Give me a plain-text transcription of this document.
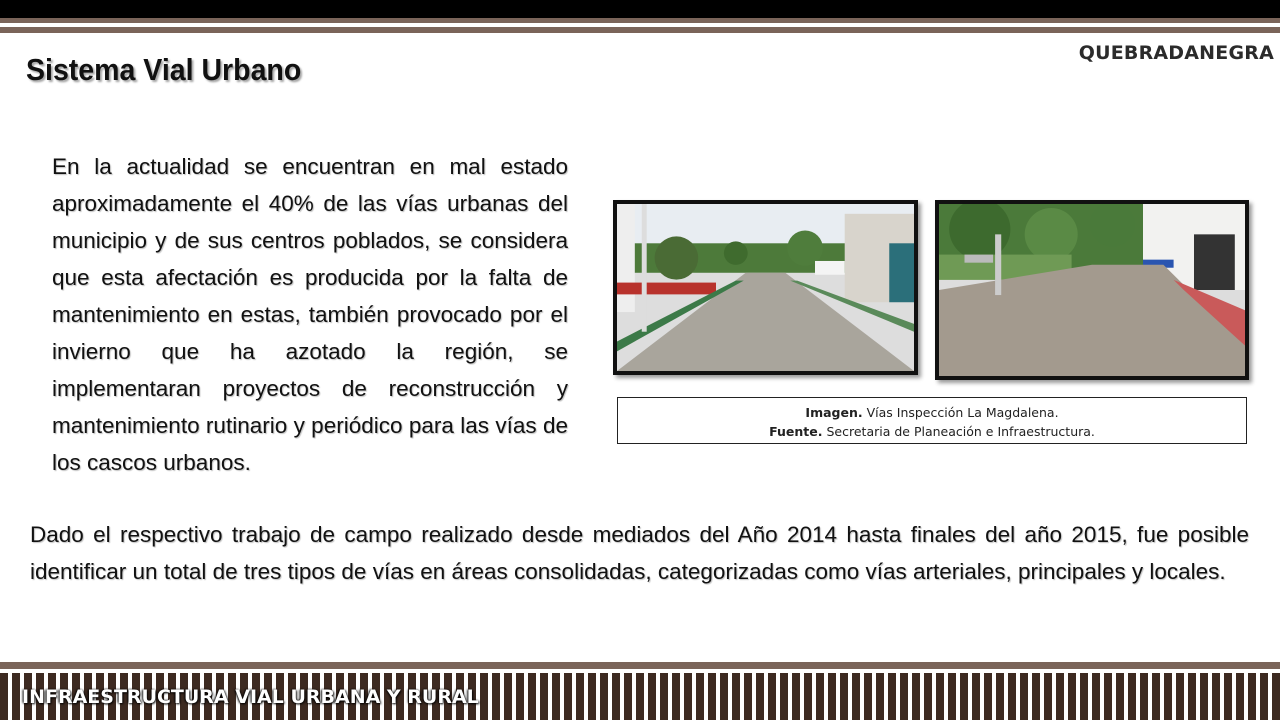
QUEBRADANEGRA
Sistema Vial Urbano

En la actualidad se encuentran en mal estado aproximadamente el 40% de las vías urbanas del municipio y de sus centros poblados, se considera que esta afectación es producida por la falta de mantenimiento en estas, también provocado por el invierno que ha azotado la región, se implementaran proyectos de reconstrucción y mantenimiento rutinario y periódico para las vías de los cascos urbanos.

Imagen. Vías Inspección La Magdalena.
Fuente. Secretaria de Planeación e Infraestructura.

Dado el respectivo trabajo de campo realizado desde mediados del Año 2014 hasta finales del año 2015, fue posible identificar un total de tres tipos de vías en áreas consolidadas, categorizadas como vías arteriales, principales y locales.

INFRAESTRUCTURA VIAL URBANA Y RURAL
